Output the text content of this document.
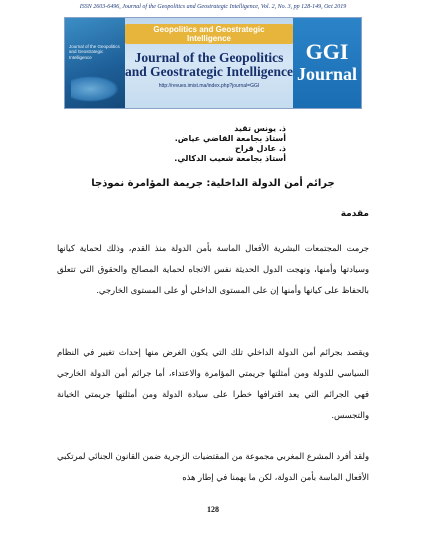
ISSN 2603-6496, Journal of the Geopolitics and Geostrategic Intelligence, Vol. 2, No. 3, pp 128-149, Oct 2019
Journal of the Geopolitics and Geostrategic Intelligence
Geopolitics and Geostrategic Intelligence
Journal of the Geopolitics
and Geostrategic Intelligence
http://revues.imist.ma/index.php?journal=GGI
GGI
Journal
ذ. يونس تقيد
أستاذ بجامعة القاضي عياض.
ذ. عادل قراح
أستاذ بجامعة شعيب الدكالي.
جرائم أمن الدولة الداخلية: جريمة المؤامرة نموذجا
مقدمة

جرمت المجتمعات البشرية الأفعال الماسة بأمن الدولة منذ القدم، وذلك لحماية كيانها وسيادتها وأمنها، ونهجت الدول الحديثة نفس الاتجاه لحماية المصالح والحقوق التي تتعلق بالحفاظ على كيانها وأمنها إن على المستوى الداخلي أو على المستوى الخارجي.

ويقصد بجرائم أمن الدولة الداخلي تلك التي يكون الغرض منها إحداث تغيير في النظام السياسي للدولة ومن أمثلتها جريمتي المؤامرة والاعتداء، أما جرائم أمن الدولة الخارجي فهي الجرائم التي يعد اقترافها خطرا على سيادة الدولة ومن أمثلتها جريمتي الخيانة والتجسس.

ولقد أفرد المشرع المغربي مجموعة من المقتضيات الزجرية ضمن القانون الجنائي لمرتكبي الأفعال الماسة بأمن الدولة، لكن ما يهمنا في إطار هذه

128
